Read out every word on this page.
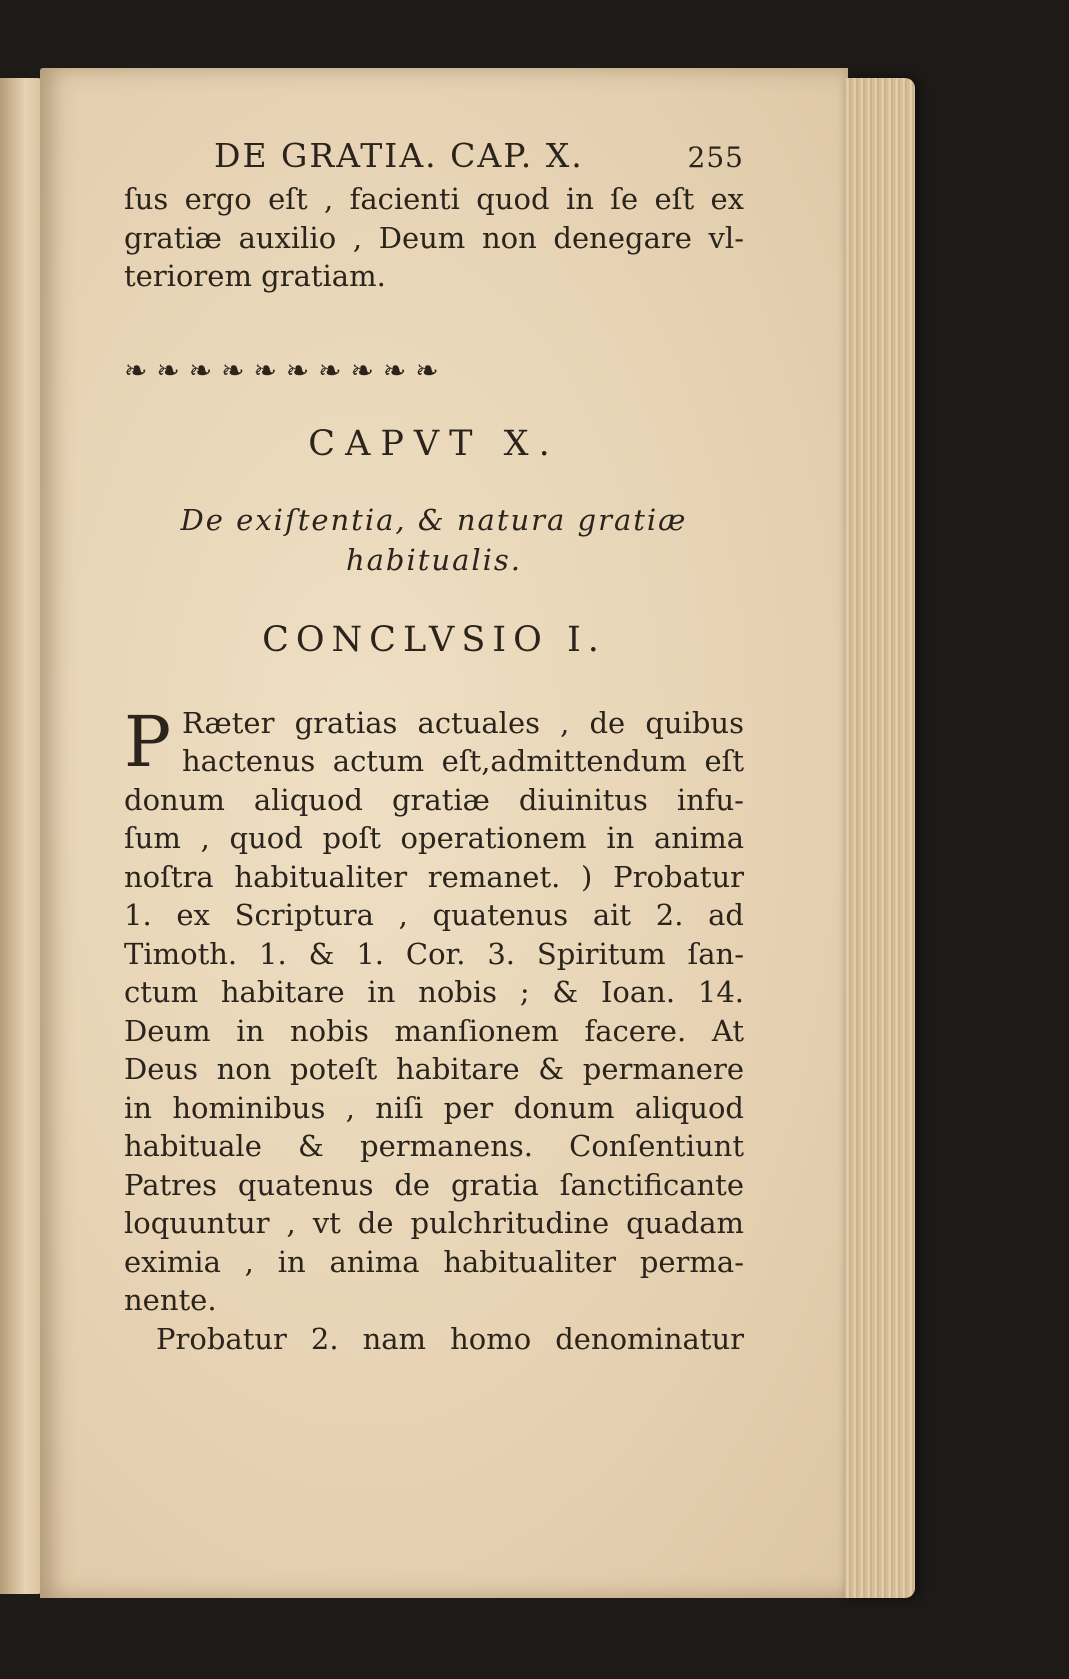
DE GRATIA. CAP. X.	255
ſus ergo eſt , facienti quod in ſe eſt ex
gratiæ auxilio , Deum non denegare vl-
teriorem gratiam.
❧ ❧ ❧ ❧ ❧ ❧ ❧ ❧ ❧ ❧
CAPVT X.
De exiſtentia, & natura gratiæ
habitualis.
CONCLVSIO I.
P Ræter gratias actuales , de quibus
hactenus actum eſt,admittendum eſt
donum aliquod gratiæ diuinitus infu-
ſum , quod poſt operationem in anima
noſtra habitualiter remanet. ) Probatur
1. ex Scriptura , quatenus ait 2. ad
Timoth. 1. & 1. Cor. 3. Spiritum ſan-
ctum habitare in nobis ; & Ioan. 14.
Deum in nobis manſionem facere. At
Deus non poteſt habitare & permanere
in hominibus , niſi per donum aliquod
habituale & permanens. Conſentiunt
Patres quatenus de gratia ſanctificante
loquuntur , vt de pulchritudine quadam
eximia , in anima habitualiter perma-
nente.
Probatur 2. nam homo denominatur
